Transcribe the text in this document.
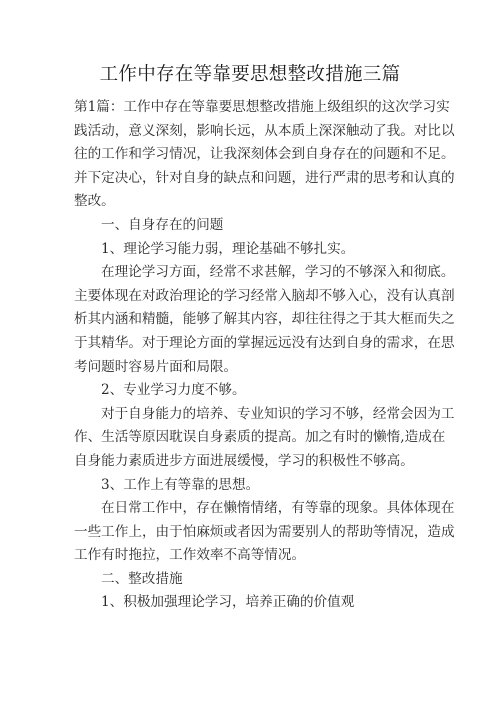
工作中存在等靠要思想整改措施三篇
第1篇：工作中存在等靠要思想整改措施上级组织的这次学习实
践活动，意义深刻，影响长远，从本质上深深触动了我。对比以
往的工作和学习情况，让我深刻体会到自身存在的问题和不足。
并下定决心，针对自身的缺点和问题，进行严肃的思考和认真的
整改。
一、自身存在的问题
1、理论学习能力弱，理论基础不够扎实。
在理论学习方面，经常不求甚解，学习的不够深入和彻底。
主要体现在对政治理论的学习经常入脑却不够入心，没有认真剖
析其内涵和精髓，能够了解其内容，却往往得之于其大框而失之
于其精华。对于理论方面的掌握远远没有达到自身的需求，在思
考问题时容易片面和局限。
2、专业学习力度不够。
对于自身能力的培养、专业知识的学习不够，经常会因为工
作、生活等原因耽误自身素质的提高。加之有时的懒惰,造成在
自身能力素质进步方面进展缓慢，学习的积极性不够高。
3、工作上有等靠的思想。
在日常工作中，存在懒惰情绪，有等靠的现象。具体体现在
一些工作上，由于怕麻烦或者因为需要别人的帮助等情况，造成
工作有时拖拉，工作效率不高等情况。
二、整改措施
1、积极加强理论学习，培养正确的价值观
